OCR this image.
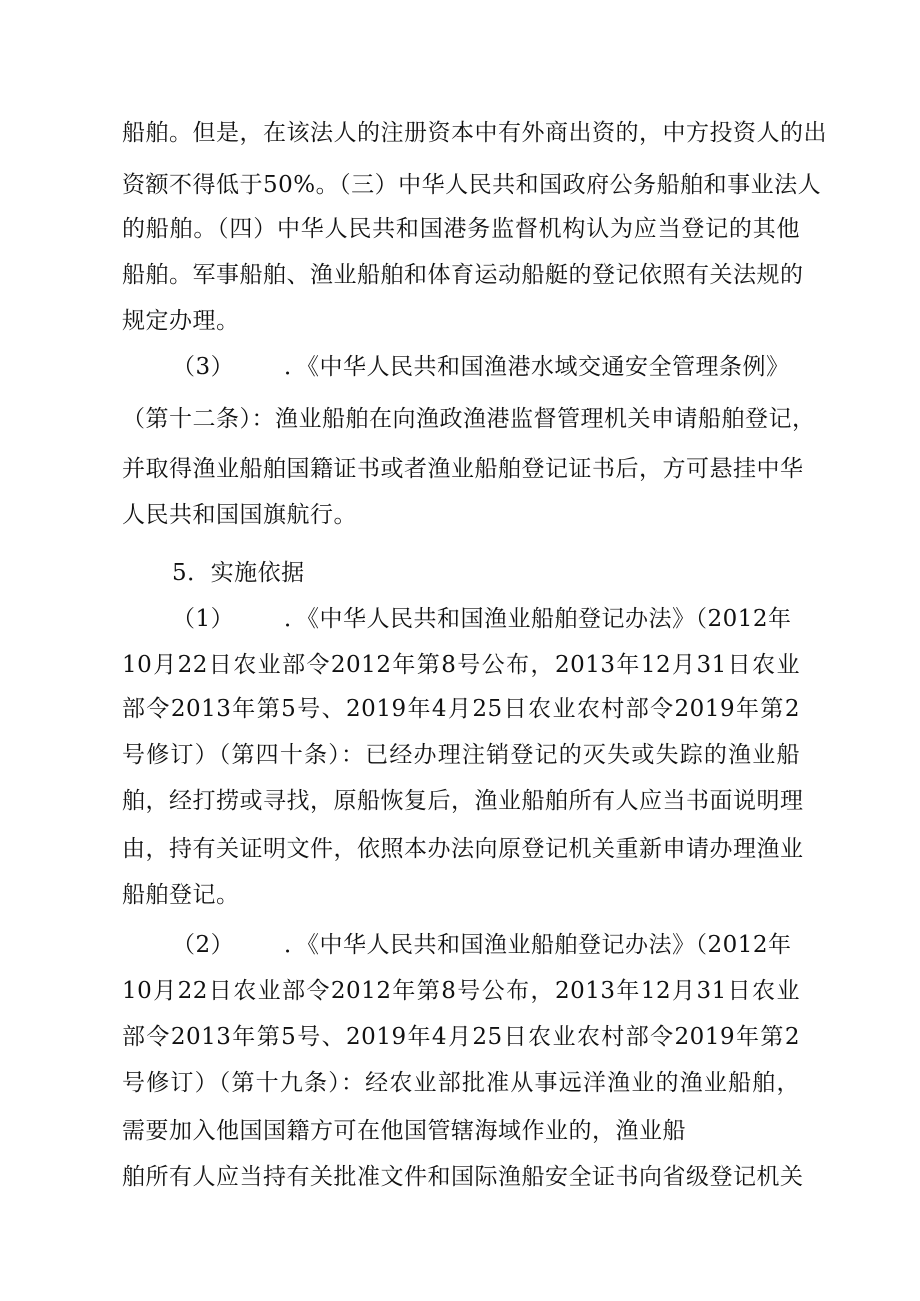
船舶。但是，在该法人的注册资本中有外商出资的，中方投资人的出
资额不得低于50%。（三）中华人民共和国政府公务船舶和事业法人
的船舶。（四）中华人民共和国港务监督机构认为应当登记的其他
船舶。军事船舶、渔业船舶和体育运动船艇的登记依照有关法规的
规定办理。
（3） ．《中华人民共和国渔港水域交通安全管理条例》
（第十二条）：渔业船舶在向渔政渔港监督管理机关申请船舶登记，
并取得渔业船舶国籍证书或者渔业船舶登记证书后，方可悬挂中华
人民共和国国旗航行。
5．实施依据
（1） ．《中华人民共和国渔业船舶登记办法》（2012年
10月22日农业部令2012年第8号公布，2013年12月31日农业
部令2013年第5号、2019年4月25日农业农村部令2019年第2
号修订）（第四十条）：已经办理注销登记的灭失或失踪的渔业船
舶，经打捞或寻找，原船恢复后，渔业船舶所有人应当书面说明理
由，持有关证明文件，依照本办法向原登记机关重新申请办理渔业
船舶登记。
（2） ．《中华人民共和国渔业船舶登记办法》（2012年
10月22日农业部令2012年第8号公布，2013年12月31日农业
部令2013年第5号、2019年4月25日农业农村部令2019年第2
号修订）（第十九条）：经农业部批准从事远洋渔业的渔业船舶，
需要加入他国国籍方可在他国管辖海域作业的，渔业船
舶所有人应当持有关批准文件和国际渔船安全证书向省级登记机关
